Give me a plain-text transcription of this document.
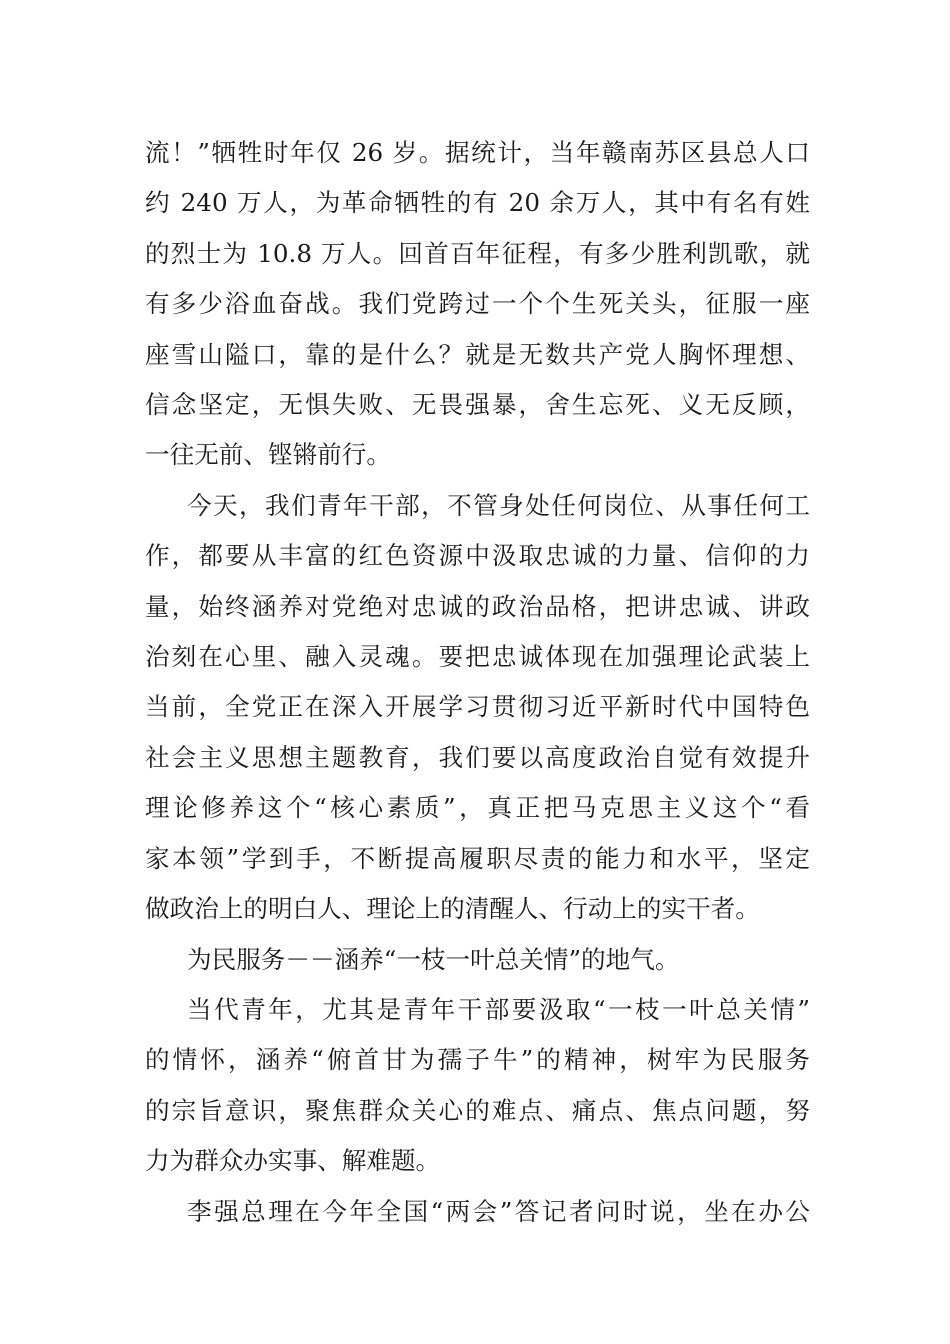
流！”牺牲时年仅 26 岁。据统计，当年赣南苏区县总人口
约 240 万人，为革命牺牲的有 20 余万人，其中有名有姓
的烈士为 10.8 万人。回首百年征程，有多少胜利凯歌，就
有多少浴血奋战。我们党跨过一个个生死关头，征服一座
座雪山隘口，靠的是什么？就是无数共产党人胸怀理想、
信念坚定，无惧失败、无畏强暴，舍生忘死、义无反顾，
一往无前、铿锵前行。
今天，我们青年干部，不管身处任何岗位、从事任何工
作，都要从丰富的红色资源中汲取忠诚的力量、信仰的力
量，始终涵养对党绝对忠诚的政治品格，把讲忠诚、讲政
治刻在心里、融入灵魂。要把忠诚体现在加强理论武装上
当前，全党正在深入开展学习贯彻习近平新时代中国特色
社会主义思想主题教育，我们要以高度政治自觉有效提升
理论修养这个“核心素质”，真正把马克思主义这个“看
家本领”学到手，不断提高履职尽责的能力和水平，坚定
做政治上的明白人、理论上的清醒人、行动上的实干者。
为民服务－－涵养“一枝一叶总关情”的地气。
当代青年，尤其是青年干部要汲取“一枝一叶总关情”
的情怀，涵养“俯首甘为孺子牛”的精神，树牢为民服务
的宗旨意识，聚焦群众关心的难点、痛点、焦点问题，努
力为群众办实事、解难题。
李强总理在今年全国“两会”答记者问时说，坐在办公
